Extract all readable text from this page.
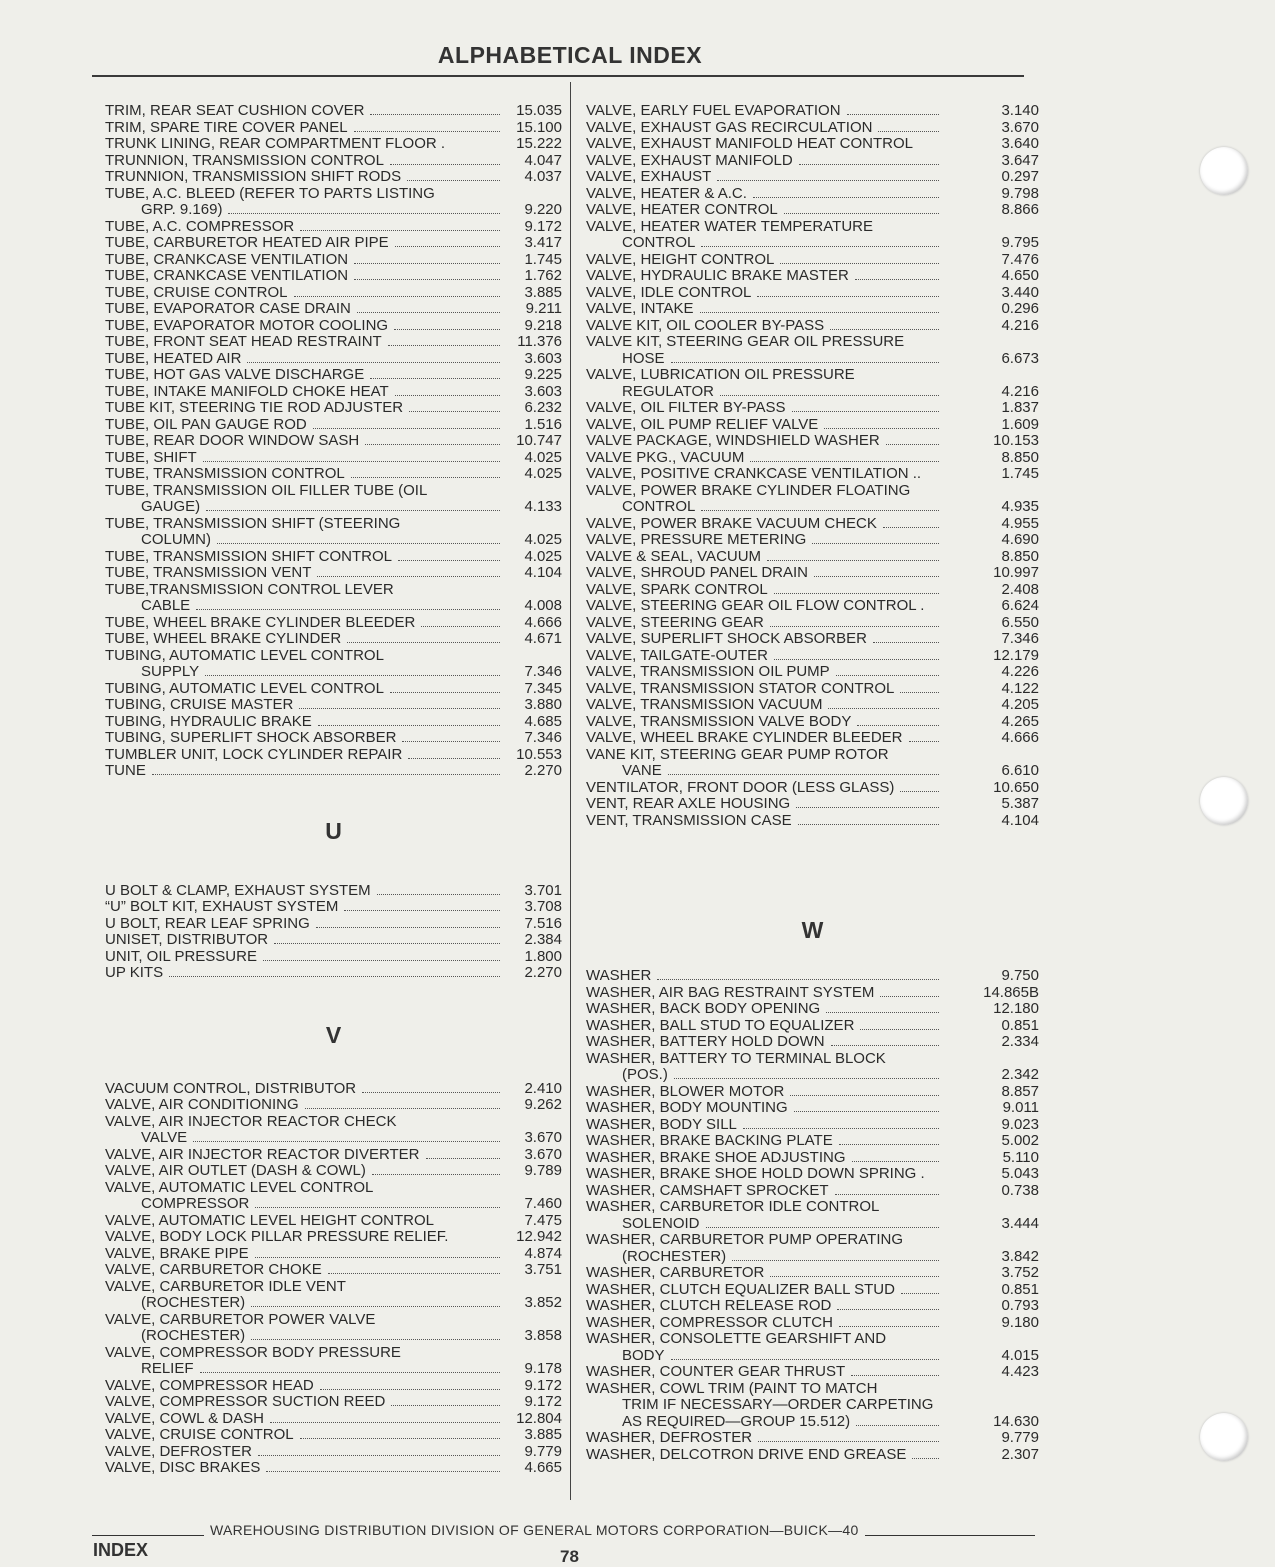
ALPHABETICAL INDEX
TRIM, REAR SEAT CUSHION COVER	15.035
TRIM, SPARE TIRE COVER PANEL	15.100
TRUNK LINING, REAR COMPARTMENT FLOOR .	15.222
TRUNNION, TRANSMISSION CONTROL	4.047
TRUNNION, TRANSMISSION SHIFT RODS	4.037
TUBE, A.C. BLEED (REFER TO PARTS LISTING
GRP. 9.169)	9.220
TUBE, A.C. COMPRESSOR	9.172
TUBE, CARBURETOR HEATED AIR PIPE	3.417
TUBE, CRANKCASE VENTILATION	1.745
TUBE, CRANKCASE VENTILATION	1.762
TUBE, CRUISE CONTROL	3.885
TUBE, EVAPORATOR CASE DRAIN	9.211
TUBE, EVAPORATOR MOTOR COOLING	9.218
TUBE, FRONT SEAT HEAD RESTRAINT	11.376
TUBE, HEATED AIR	3.603
TUBE, HOT GAS VALVE DISCHARGE	9.225
TUBE, INTAKE MANIFOLD CHOKE HEAT	3.603
TUBE KIT, STEERING TIE ROD ADJUSTER	6.232
TUBE, OIL PAN GAUGE ROD	1.516
TUBE, REAR DOOR WINDOW SASH	10.747
TUBE, SHIFT	4.025
TUBE, TRANSMISSION CONTROL	4.025
TUBE, TRANSMISSION OIL FILLER TUBE (OIL
GAUGE)	4.133
TUBE, TRANSMISSION SHIFT (STEERING
COLUMN)	4.025
TUBE, TRANSMISSION SHIFT CONTROL	4.025
TUBE, TRANSMISSION VENT	4.104
TUBE,TRANSMISSION CONTROL LEVER
CABLE	4.008
TUBE, WHEEL BRAKE CYLINDER BLEEDER	4.666
TUBE, WHEEL BRAKE CYLINDER	4.671
TUBING, AUTOMATIC LEVEL CONTROL
SUPPLY	7.346
TUBING, AUTOMATIC LEVEL CONTROL	7.345
TUBING, CRUISE MASTER	3.880
TUBING, HYDRAULIC BRAKE	4.685
TUBING, SUPERLIFT SHOCK ABSORBER	7.346
TUMBLER UNIT, LOCK CYLINDER REPAIR	10.553
TUNE	2.270
U
U BOLT & CLAMP, EXHAUST SYSTEM	3.701
“U” BOLT KIT, EXHAUST SYSTEM	3.708
U BOLT, REAR LEAF SPRING	7.516
UNISET, DISTRIBUTOR	2.384
UNIT, OIL PRESSURE	1.800
UP KITS	2.270
V
VACUUM CONTROL, DISTRIBUTOR	2.410
VALVE, AIR CONDITIONING	9.262
VALVE, AIR INJECTOR REACTOR CHECK
VALVE	3.670
VALVE, AIR INJECTOR REACTOR DIVERTER	3.670
VALVE, AIR OUTLET (DASH & COWL)	9.789
VALVE, AUTOMATIC LEVEL CONTROL
COMPRESSOR	7.460
VALVE, AUTOMATIC LEVEL HEIGHT CONTROL	7.475
VALVE, BODY LOCK PILLAR PRESSURE RELIEF.	12.942
VALVE, BRAKE PIPE	4.874
VALVE, CARBURETOR CHOKE	3.751
VALVE, CARBURETOR IDLE VENT
(ROCHESTER)	3.852
VALVE, CARBURETOR POWER VALVE
(ROCHESTER)	3.858
VALVE, COMPRESSOR BODY PRESSURE
RELIEF	9.178
VALVE, COMPRESSOR HEAD	9.172
VALVE, COMPRESSOR SUCTION REED	9.172
VALVE, COWL & DASH	12.804
VALVE, CRUISE CONTROL	3.885
VALVE, DEFROSTER	9.779
VALVE, DISC BRAKES	4.665
VALVE, EARLY FUEL EVAPORATION	3.140
VALVE, EXHAUST GAS RECIRCULATION	3.670
VALVE, EXHAUST MANIFOLD HEAT CONTROL	3.640
VALVE, EXHAUST MANIFOLD	3.647
VALVE, EXHAUST	0.297
VALVE, HEATER & A.C.	9.798
VALVE, HEATER CONTROL	8.866
VALVE, HEATER WATER TEMPERATURE
CONTROL	9.795
VALVE, HEIGHT CONTROL	7.476
VALVE, HYDRAULIC BRAKE MASTER	4.650
VALVE, IDLE CONTROL	3.440
VALVE, INTAKE	0.296
VALVE KIT, OIL COOLER BY-PASS	4.216
VALVE KIT, STEERING GEAR OIL PRESSURE
HOSE	6.673
VALVE, LUBRICATION OIL PRESSURE
REGULATOR	4.216
VALVE, OIL FILTER BY-PASS	1.837
VALVE, OIL PUMP RELIEF VALVE	1.609
VALVE PACKAGE, WINDSHIELD WASHER	10.153
VALVE PKG., VACUUM	8.850
VALVE, POSITIVE CRANKCASE VENTILATION ..	1.745
VALVE, POWER BRAKE CYLINDER FLOATING
CONTROL	4.935
VALVE, POWER BRAKE VACUUM CHECK	4.955
VALVE, PRESSURE METERING	4.690
VALVE & SEAL, VACUUM	8.850
VALVE, SHROUD PANEL DRAIN	10.997
VALVE, SPARK CONTROL	2.408
VALVE, STEERING GEAR OIL FLOW CONTROL .	6.624
VALVE, STEERING GEAR	6.550
VALVE, SUPERLIFT SHOCK ABSORBER	7.346
VALVE, TAILGATE-OUTER	12.179
VALVE, TRANSMISSION OIL PUMP	4.226
VALVE, TRANSMISSION STATOR CONTROL	4.122
VALVE, TRANSMISSION VACUUM	4.205
VALVE, TRANSMISSION VALVE BODY	4.265
VALVE, WHEEL BRAKE CYLINDER BLEEDER	4.666
VANE KIT, STEERING GEAR PUMP ROTOR
VANE	6.610
VENTILATOR, FRONT DOOR (LESS GLASS)	10.650
VENT, REAR AXLE HOUSING	5.387
VENT, TRANSMISSION CASE	4.104
W
WASHER	9.750
WASHER, AIR BAG RESTRAINT SYSTEM	14.865B
WASHER, BACK BODY OPENING	12.180
WASHER, BALL STUD TO EQUALIZER	0.851
WASHER, BATTERY HOLD DOWN	2.334
WASHER, BATTERY TO TERMINAL BLOCK
(POS.)	2.342
WASHER, BLOWER MOTOR	8.857
WASHER, BODY MOUNTING	9.011
WASHER, BODY SILL	9.023
WASHER, BRAKE BACKING PLATE	5.002
WASHER, BRAKE SHOE ADJUSTING	5.110
WASHER, BRAKE SHOE HOLD DOWN SPRING .	5.043
WASHER, CAMSHAFT SPROCKET	0.738
WASHER, CARBURETOR IDLE CONTROL
SOLENOID	3.444
WASHER, CARBURETOR PUMP OPERATING
(ROCHESTER)	3.842
WASHER, CARBURETOR	3.752
WASHER, CLUTCH EQUALIZER BALL STUD	0.851
WASHER, CLUTCH RELEASE ROD	0.793
WASHER, COMPRESSOR CLUTCH	9.180
WASHER, CONSOLETTE GEARSHIFT AND
BODY	4.015
WASHER, COUNTER GEAR THRUST	4.423
WASHER, COWL TRIM (PAINT TO MATCH
TRIM IF NECESSARY—ORDER CARPETING
AS REQUIRED—GROUP 15.512)	14.630
WASHER, DEFROSTER	9.779
WASHER, DELCOTRON DRIVE END GREASE	2.307
WAREHOUSING DISTRIBUTION DIVISION OF GENERAL MOTORS CORPORATION—BUICK—40
INDEX	78
